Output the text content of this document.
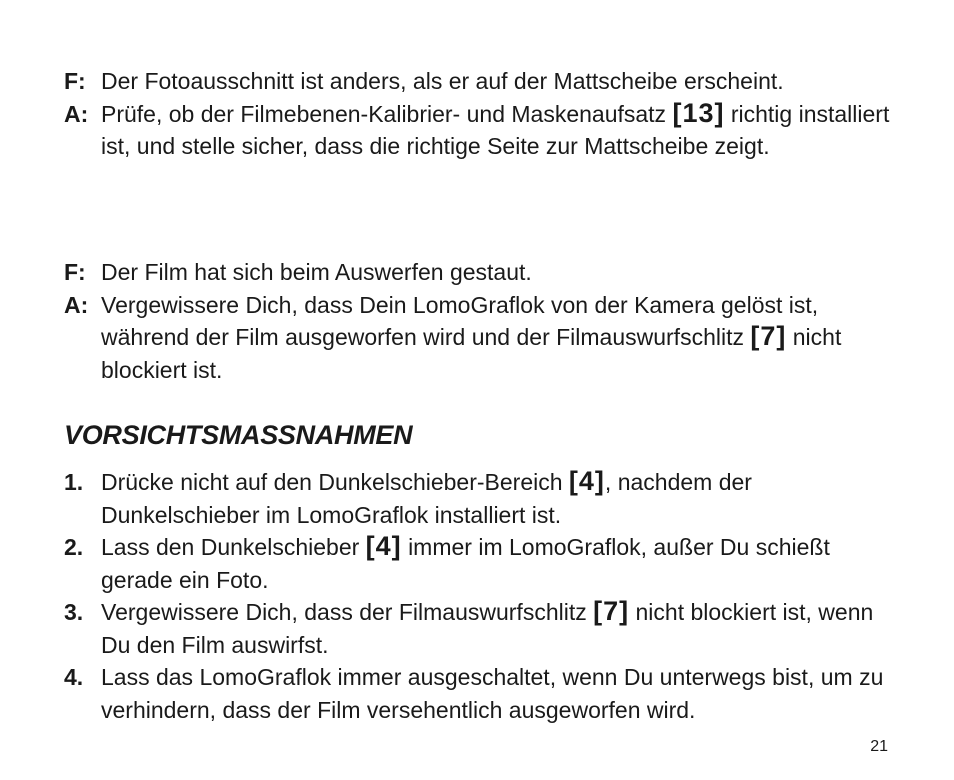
F: Der Fotoausschnitt ist anders, als er auf der Mattscheibe erscheint.
A: Prüfe, ob der Filmebenen-Kalibrier- und Maskenaufsatz [13] richtig installiert ist, und stelle sicher, dass die richtige Seite zur Mattscheibe zeigt.
F: Der Film hat sich beim Auswerfen gestaut.
A: Vergewissere Dich, dass Dein LomoGraflok von der Kamera gelöst ist, während der Film ausgeworfen wird und der Filmauswurfschlitz [7] nicht blockiert ist.
VORSICHTSMASSNAHMEN
1. Drücke nicht auf den Dunkelschieber-Bereich [4], nachdem der Dunkelschieber im LomoGraflok installiert ist.
2. Lass den Dunkelschieber [4] immer im LomoGraflok, außer Du schießt gerade ein Foto.
3. Vergewissere Dich, dass der Filmauswurfschlitz [7] nicht blockiert ist, wenn Du den Film auswirfst.
4. Lass das LomoGraflok immer ausgeschaltet, wenn Du unterwegs bist, um zu verhindern, dass der Film versehentlich ausgeworfen wird.
21
